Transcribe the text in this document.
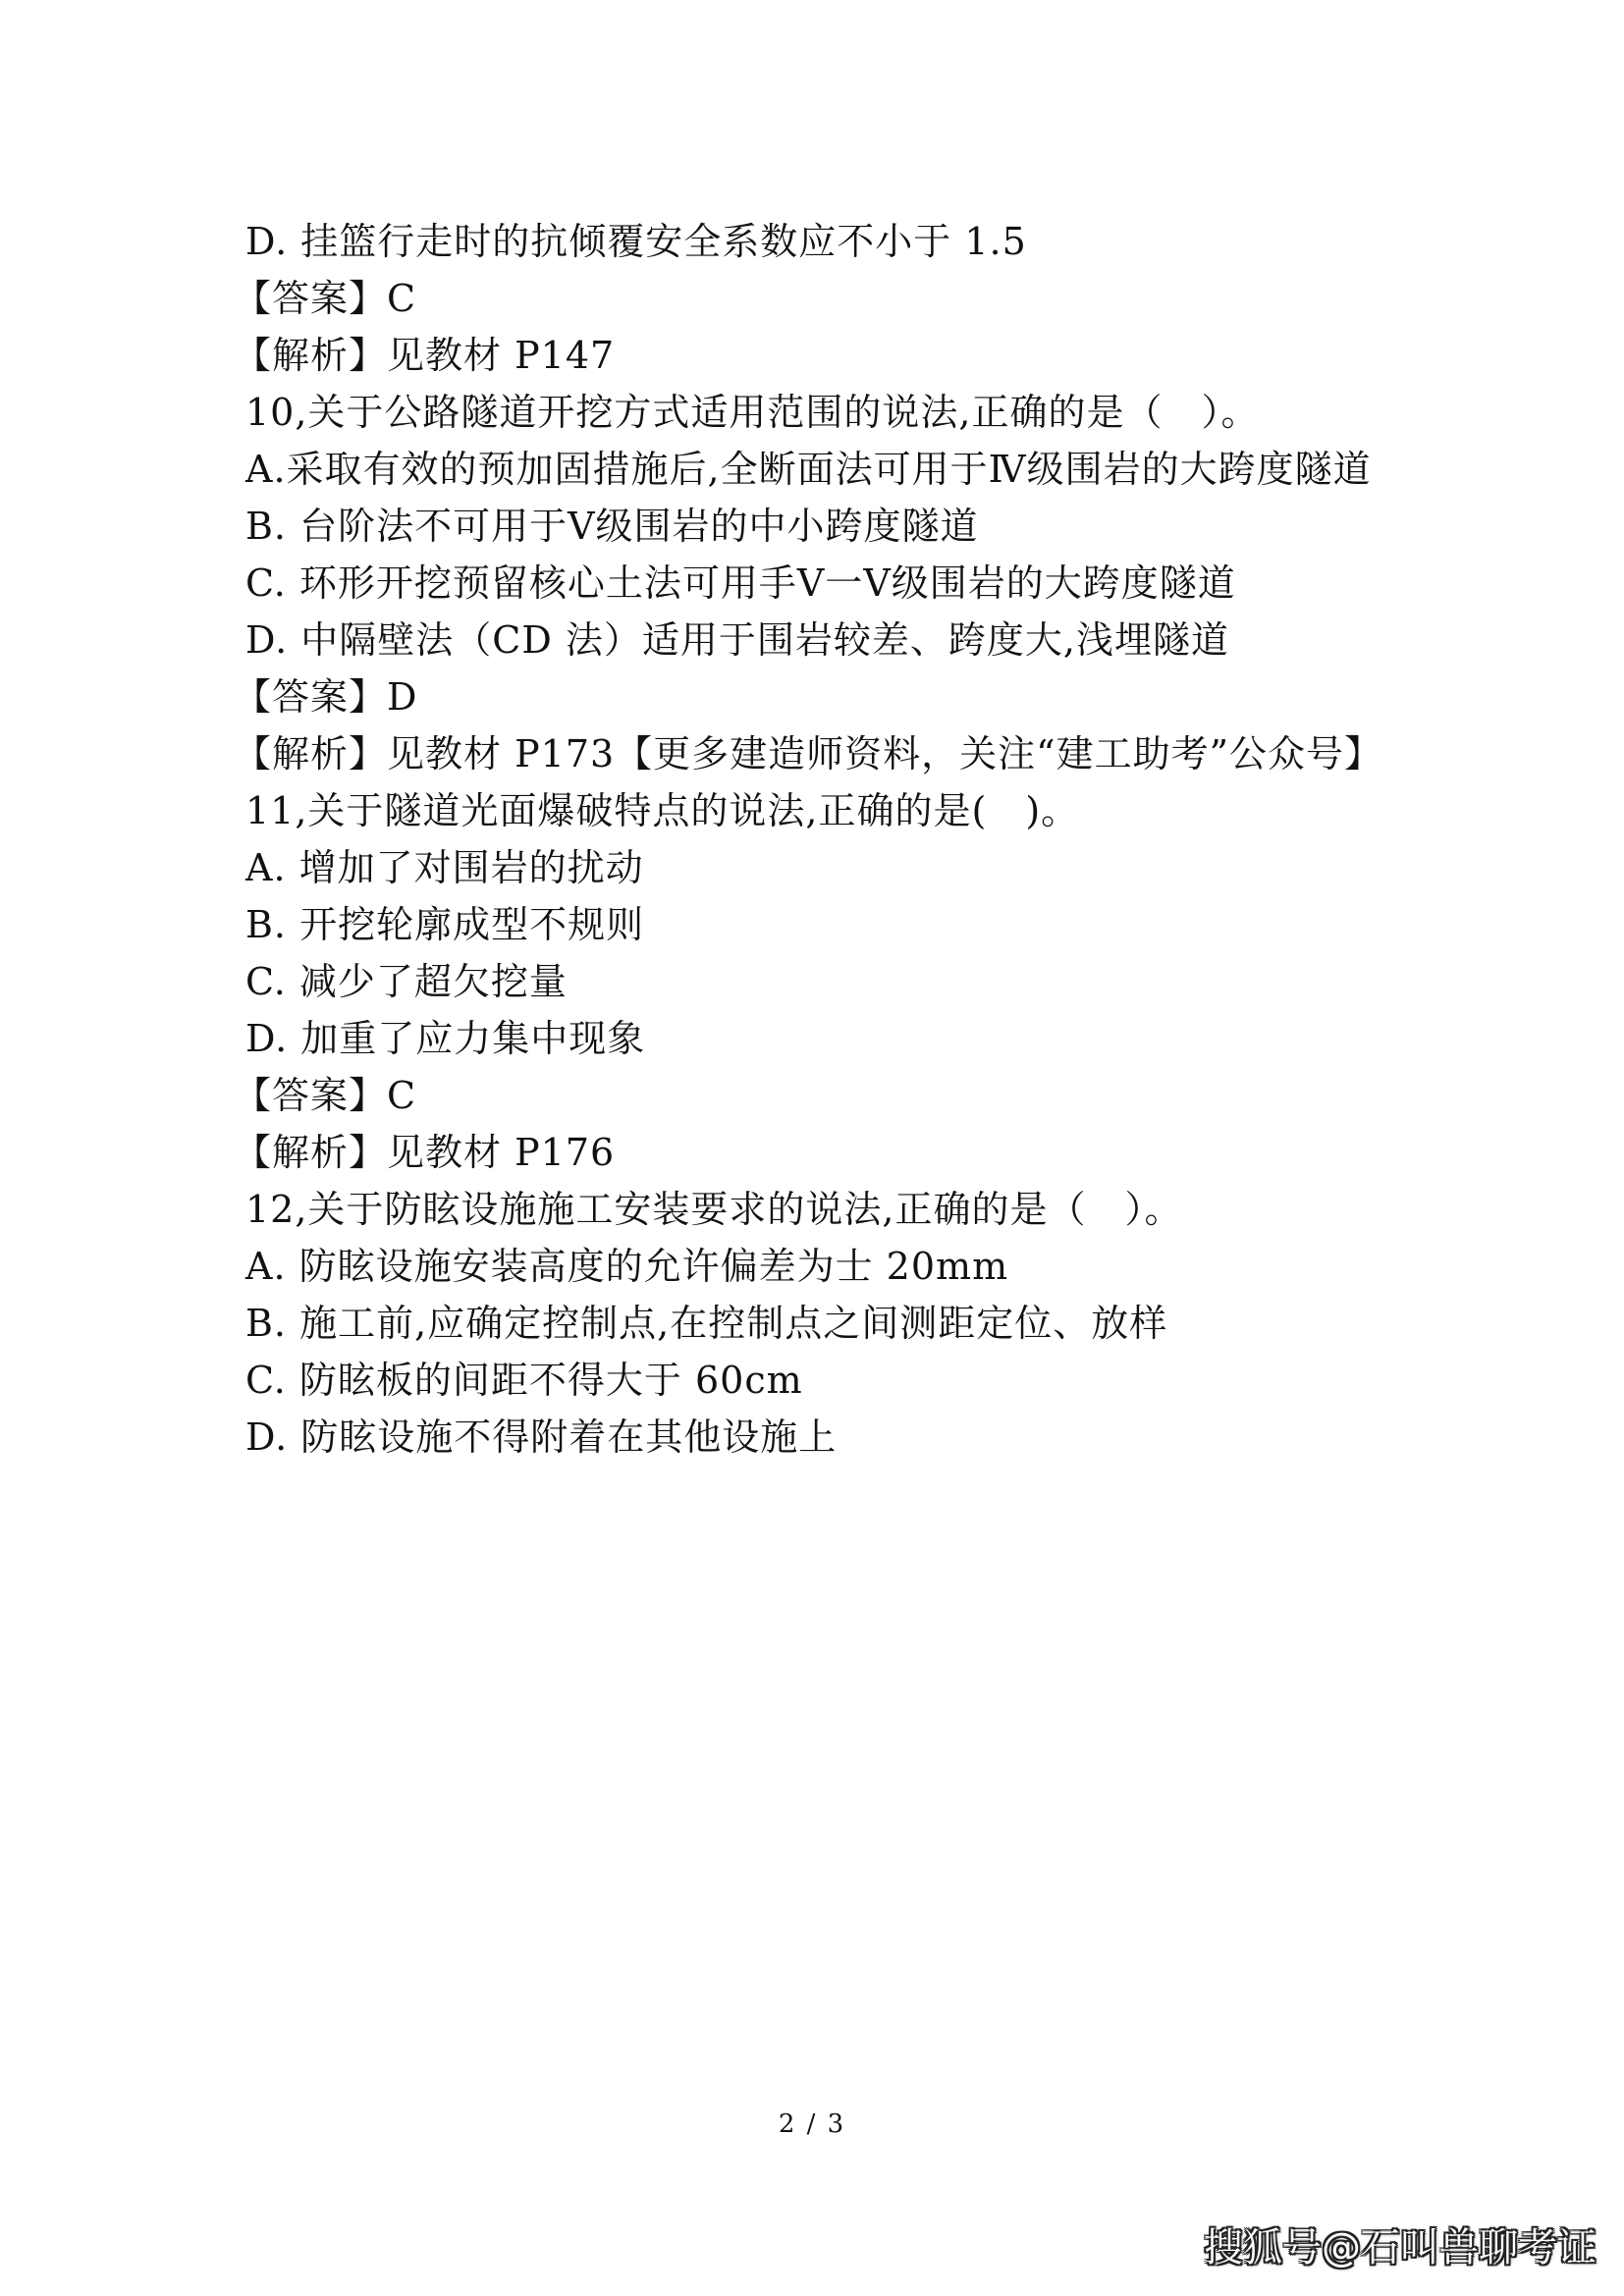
D. 挂篮行走时的抗倾覆安全系数应不小于 1.5
【答案】C
【解析】见教材 P147
10,关于公路隧道开挖方式适用范围的说法,正确的是（　）。
A.采取有效的预加固措施后,全断面法可用于Ⅳ级围岩的大跨度隧道
B. 台阶法不可用于Ⅴ级围岩的中小跨度隧道
C. 环形开挖预留核心土法可用手Ⅴ一Ⅴ级围岩的大跨度隧道
D. 中隔壁法（CD 法）适用于围岩较差、跨度大,浅埋隧道
【答案】D
【解析】见教材 P173【更多建造师资料，关注“建工助考”公众号】
11,关于隧道光面爆破特点的说法,正确的是(　)。
A. 增加了对围岩的扰动
B. 开挖轮廓成型不规则
C. 减少了超欠挖量
D. 加重了应力集中现象
【答案】C
【解析】见教材 P176
12,关于防眩设施施工安装要求的说法,正确的是（　）。
A. 防眩设施安装高度的允许偏差为士 20mm
B. 施工前,应确定控制点,在控制点之间测距定位、放样
C. 防眩板的间距不得大于 60cm
D. 防眩设施不得附着在其他设施上
2 / 3
搜狐号@石叫兽聊考证
